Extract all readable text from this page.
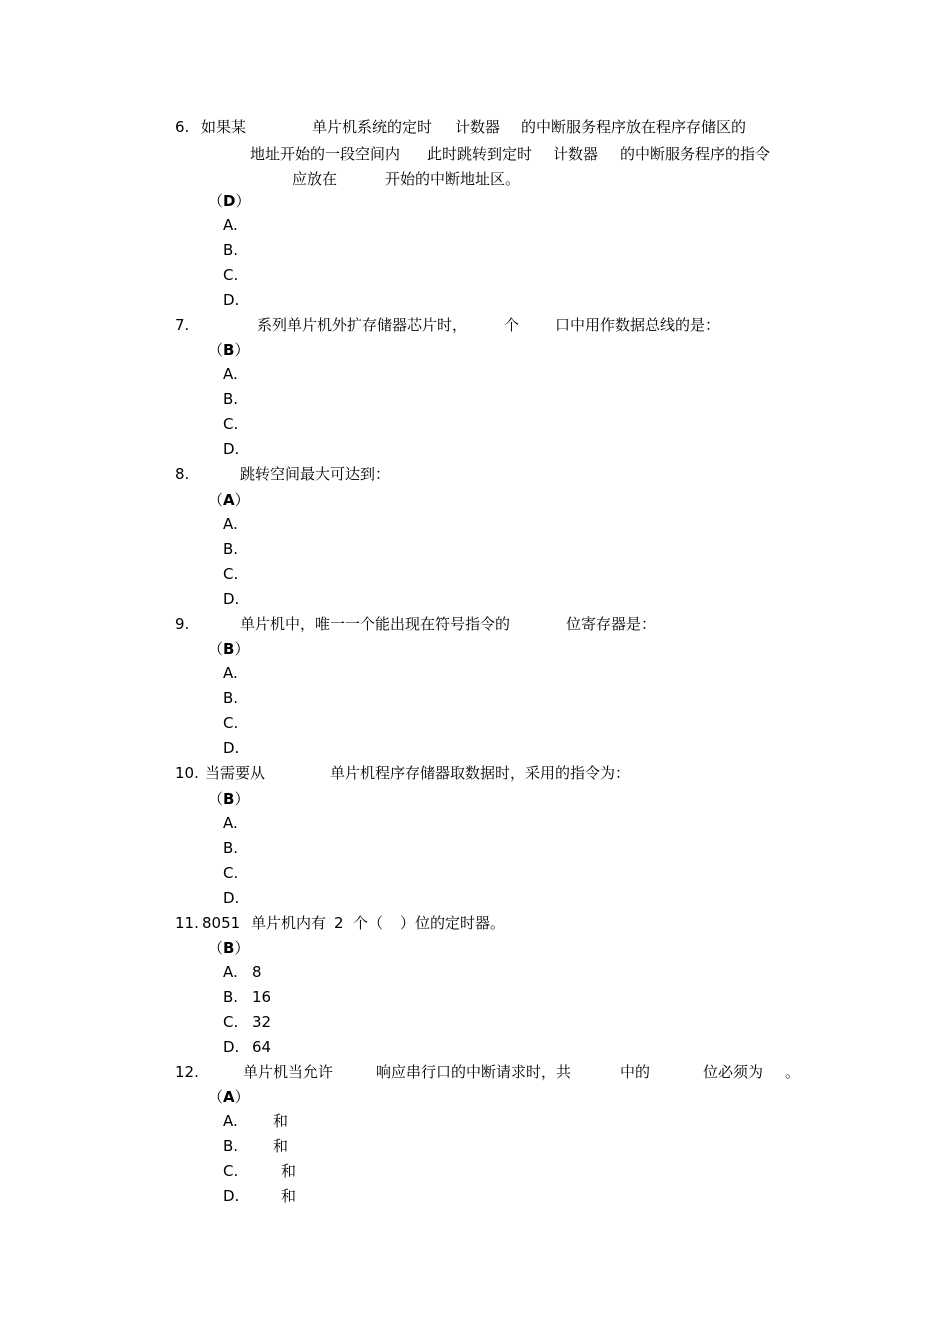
6. 如果某	单片机系统的定时 计数器 的中断服务程序放在程序存储区的
地址开始的一段空间内 此时跳转到定时 计数器 的中断服务程序的指令
应放在	开始的中断地址区。
（D）
A.
B.
C.
D.
7.	系列单片机外扩存储器芯片时， 个 口中用作数据总线的是：
（B）
A.
B.
C.
D.
8.	跳转空间最大可达到：
（A）
A.
B.
C.
D.
9.	单片机中，唯一一个能出现在符号指令的	位寄存器是：
（B）
A.
B.
C.
D.
10. 当需要从	单片机程序存储器取数据时，采用的指令为：
（B）
A.
B.
C.
D.
11. 8051 单片机内有 2 个（ ）位的定时器。
（B）
A. 8
B. 16
C. 32
D. 64
12.	单片机当允许	响应串行口的中断请求时，共	中的	位必须为 。
（A）
A. 和
B. 和
C.	和
D.	和
